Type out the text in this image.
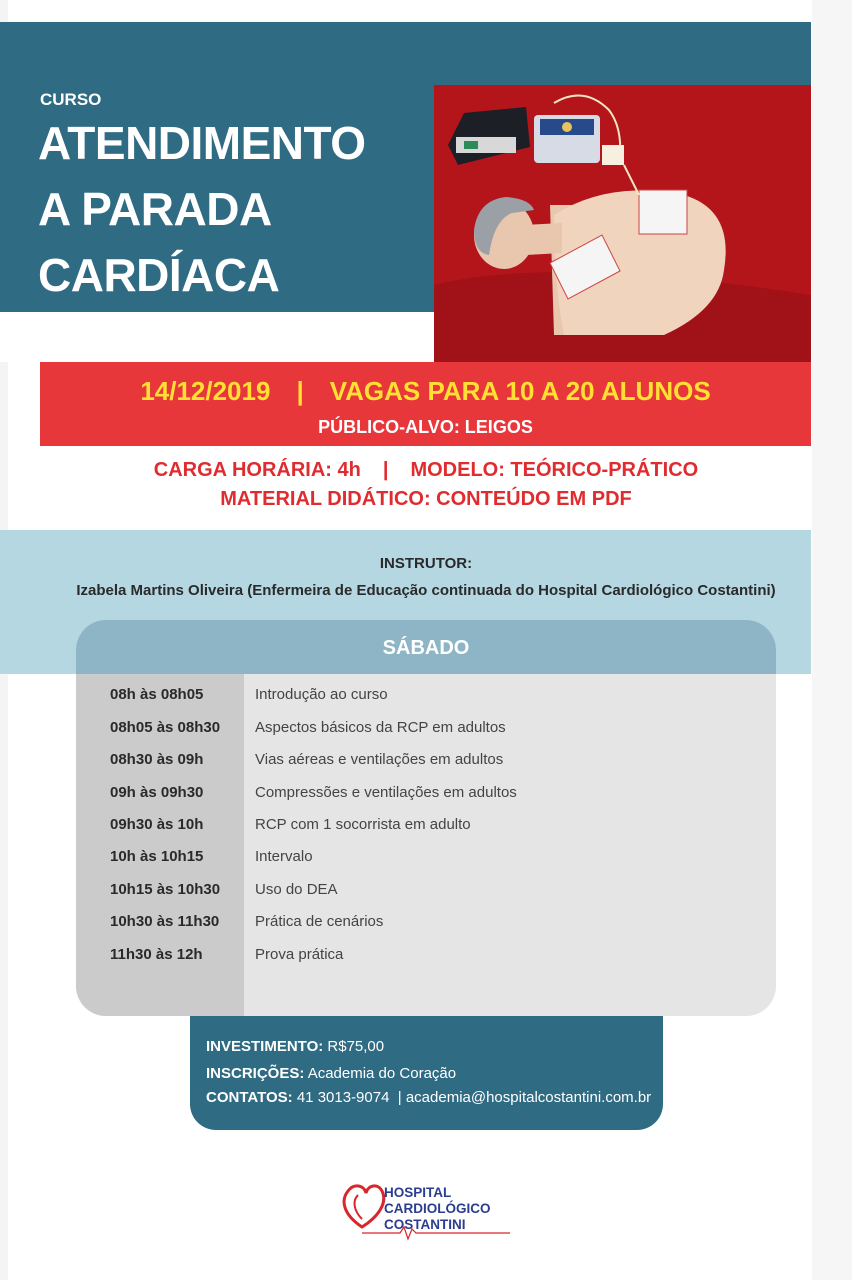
CURSO
ATENDIMENTO
A PARADA
CARDÍACA
14/12/2019 | VAGAS PARA 10 A 20 ALUNOS
PÚBLICO-ALVO: LEIGOS
CARGA HORÁRIA: 4h | MODELO: TEÓRICO-PRÁTICO
MATERIAL DIDÁTICO: CONTEÚDO EM PDF
INSTRUTOR:
Izabela Martins Oliveira (Enfermeira de Educação continuada do Hospital Cardiológico Costantini)
SÁBADO
08h às 08h05	Introdução ao curso
08h05 às 08h30 Aspectos básicos da RCP em adultos
08h30 às 09h	Vias aéreas e ventilações em adultos
09h às 09h30	Compressões e ventilações em adultos
09h30 às 10h	RCP com 1 socorrista em adulto
10h às 10h15	Intervalo
10h15 às 10h30 Uso do DEA
10h30 às 11h30 Prática de cenários
11h30 às 12h	Prova prática
INVESTIMENTO: R$75,00
INSCRIÇÕES: Academia do Coração
CONTATOS: 41 3013-9074  | academia@hospitalcostantini.com.br
HOSPITAL
CARDIOLÓGICO
COSTANTINI
